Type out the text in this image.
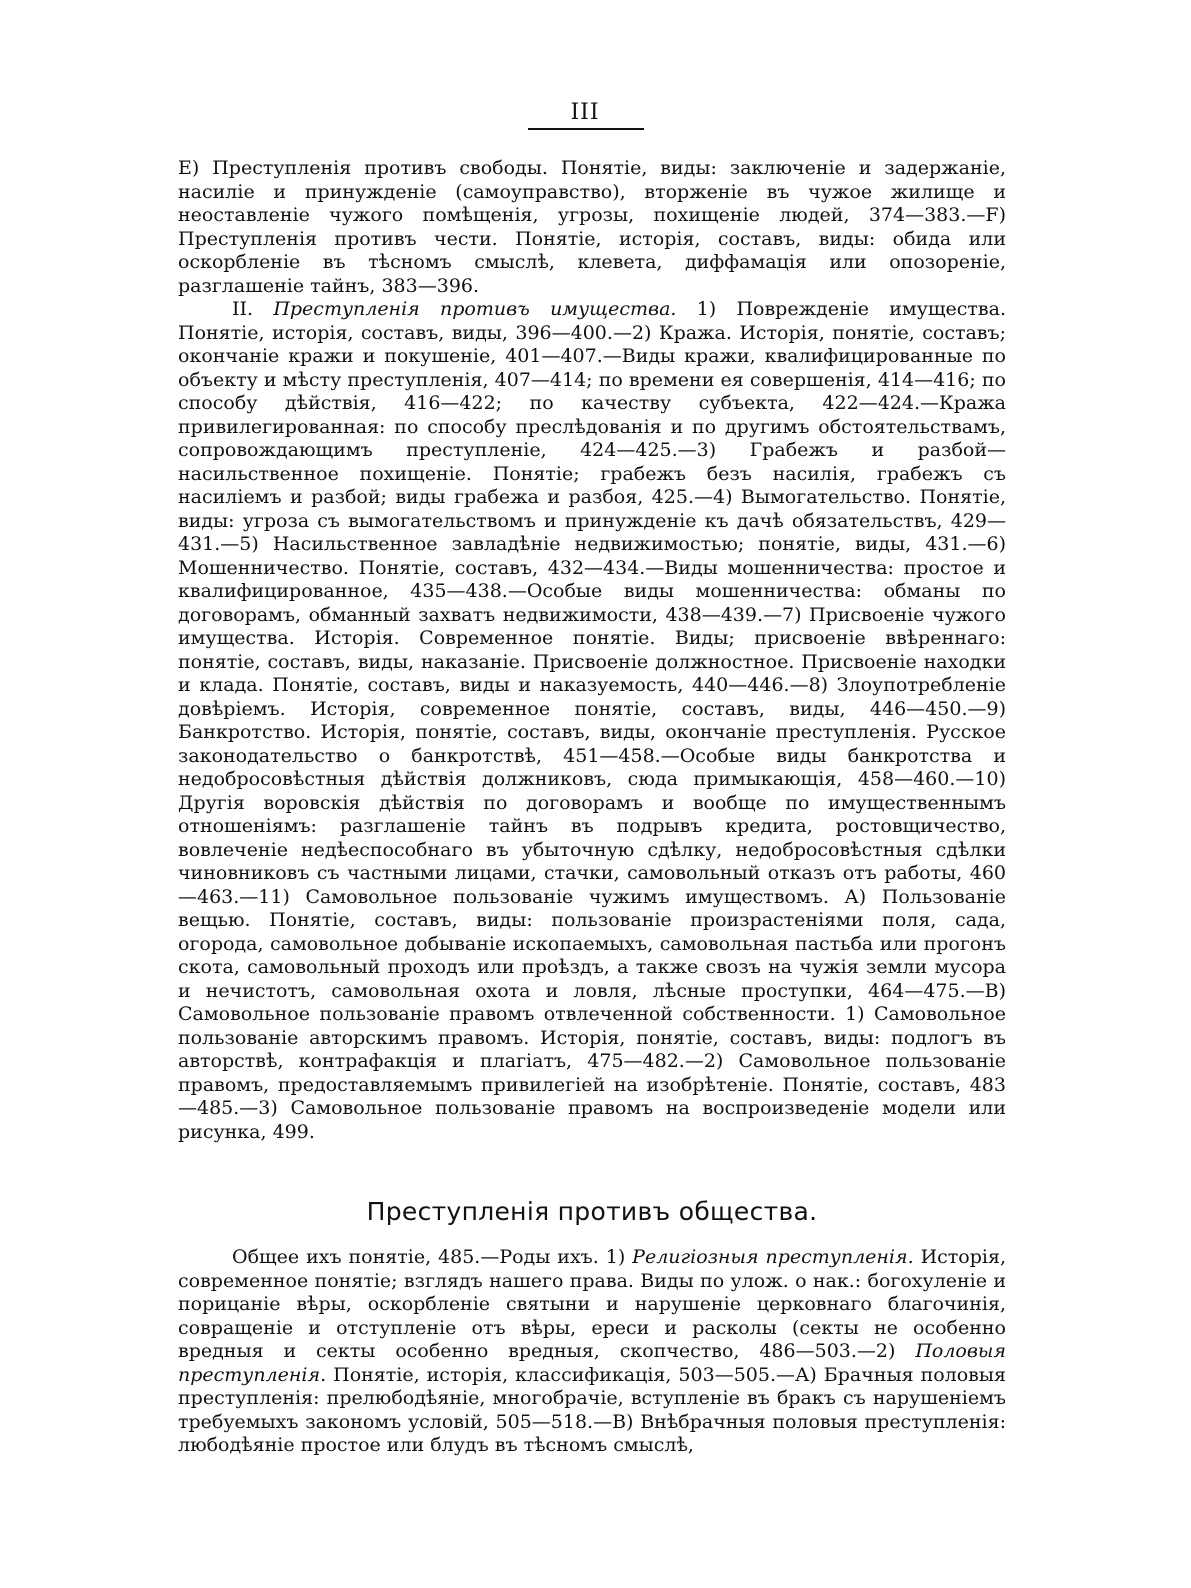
III

E) Преступленія противъ свободы. Понятіе, виды: заключеніе и задержаніе, насиліе и принужденіе (самоуправство), вторженіе въ чужое жилище и неоставленіе чужого помѣщенія, угрозы, похищеніе людей, 374—383.—F) Преступленія противъ чести. Понятіе, исторія, составъ, виды: обида или оскорбленіе въ тѣсномъ смыслѣ, клевета, диффамація или опозореніе, разглашеніе тайнъ, 383—396.

II. Преступленія противъ имущества. 1) Поврежденіе имущества. Понятіе, исторія, составъ, виды, 396—400.—2) Кража. Исторія, понятіе, составъ; окончаніе кражи и покушеніе, 401—407.—Виды кражи, квалифицированные по объекту и мѣсту преступленія, 407—414; по времени ея совершенія, 414—416; по способу дѣйствія, 416—422; по качеству субъекта, 422—424.—Кража привилегированная: по способу преслѣдованія и по другимъ обстоятельствамъ, сопровождающимъ преступленіе, 424—425.—3) Грабежъ и разбой—насильственное похищеніе. Понятіе; грабежъ безъ насилія, грабежъ съ насиліемъ и разбой; виды грабежа и разбоя, 425.—4) Вымогательство. Понятіе, виды: угроза съ вымогательствомъ и принужденіе къ дачѣ обязательствъ, 429—431.—5) Насильственное завладѣніе недвижимостью; понятіе, виды, 431.—6) Мошенничество. Понятіе, составъ, 432—434.—Виды мошенничества: простое и квалифицированное, 435—438.—Особые виды мошенничества: обманы по договорамъ, обманный захватъ недвижимости, 438—439.—7) Присвоеніе чужого имущества. Исторія. Современное понятіе. Виды; присвоеніе ввѣреннаго: понятіе, составъ, виды, наказаніе. Присвоеніе должностное. Присвоеніе находки и клада. Понятіе, составъ, виды и наказуемость, 440—446.—8) Злоупотребленіе довѣріемъ. Исторія, современное понятіе, составъ, виды, 446—450.—9) Банкротство. Исторія, понятіе, составъ, виды, окончаніе преступленія. Русское законодательство о банкротствѣ, 451—458.—Особые виды банкротства и недобросовѣстныя дѣйствія должниковъ, сюда примыкающія, 458—460.—10) Другія воровскія дѣйствія по договорамъ и вообще по имущественнымъ отношеніямъ: разглашеніе тайнъ въ подрывъ кредита, ростовщичество, вовлеченіе недѣеспособнаго въ убыточную сдѣлку, недобросовѣстныя сдѣлки чиновниковъ съ частными лицами, стачки, самовольный отказъ отъ работы, 460—463.—11) Самовольное пользованіе чужимъ имуществомъ. А) Пользованіе вещью. Понятіе, составъ, виды: пользованіе произрастеніями поля, сада, огорода, самовольное добываніе ископаемыхъ, самовольная пастьба или прогонъ скота, самовольный проходъ или проѣздъ, а также свозъ на чужія земли мусора и нечистотъ, самовольная охота и ловля, лѣсные проступки, 464—475.—В) Самовольное пользованіе правомъ отвлеченной собственности. 1) Самовольное пользованіе авторскимъ правомъ. Исторія, понятіе, составъ, виды: подлогъ въ авторствѣ, контрафакція и плагіатъ, 475—482.—2) Самовольное пользованіе правомъ, предоставляемымъ привилегіей на изобрѣтеніе. Понятіе, составъ, 483—485.—3) Самовольное пользованіе правомъ на воспроизведеніе модели или рисунка, 499.

Преступленія противъ общества.

Общее ихъ понятіе, 485.—Роды ихъ. 1) Религіозныя преступленія. Исторія, современное понятіе; взглядъ нашего права. Виды по улож. о нак.: богохуленіе и порицаніе вѣры, оскорбленіе святыни и нарушеніе церковнаго благочинія, совращеніе и отступленіе отъ вѣры, ереси и расколы (секты не особенно вредныя и секты особенно вредныя, скопчество, 486—503.—2) Половыя преступленія. Понятіе, исторія, классификація, 503—505.—А) Брачныя половыя преступленія: прелюбодѣяніе, многобрачіе, вступленіе въ бракъ съ нарушеніемъ требуемыхъ закономъ условій, 505—518.—В) Внѣбрачныя половыя преступленія: любодѣяніе простое или блудъ въ тѣсномъ смыслѣ,
